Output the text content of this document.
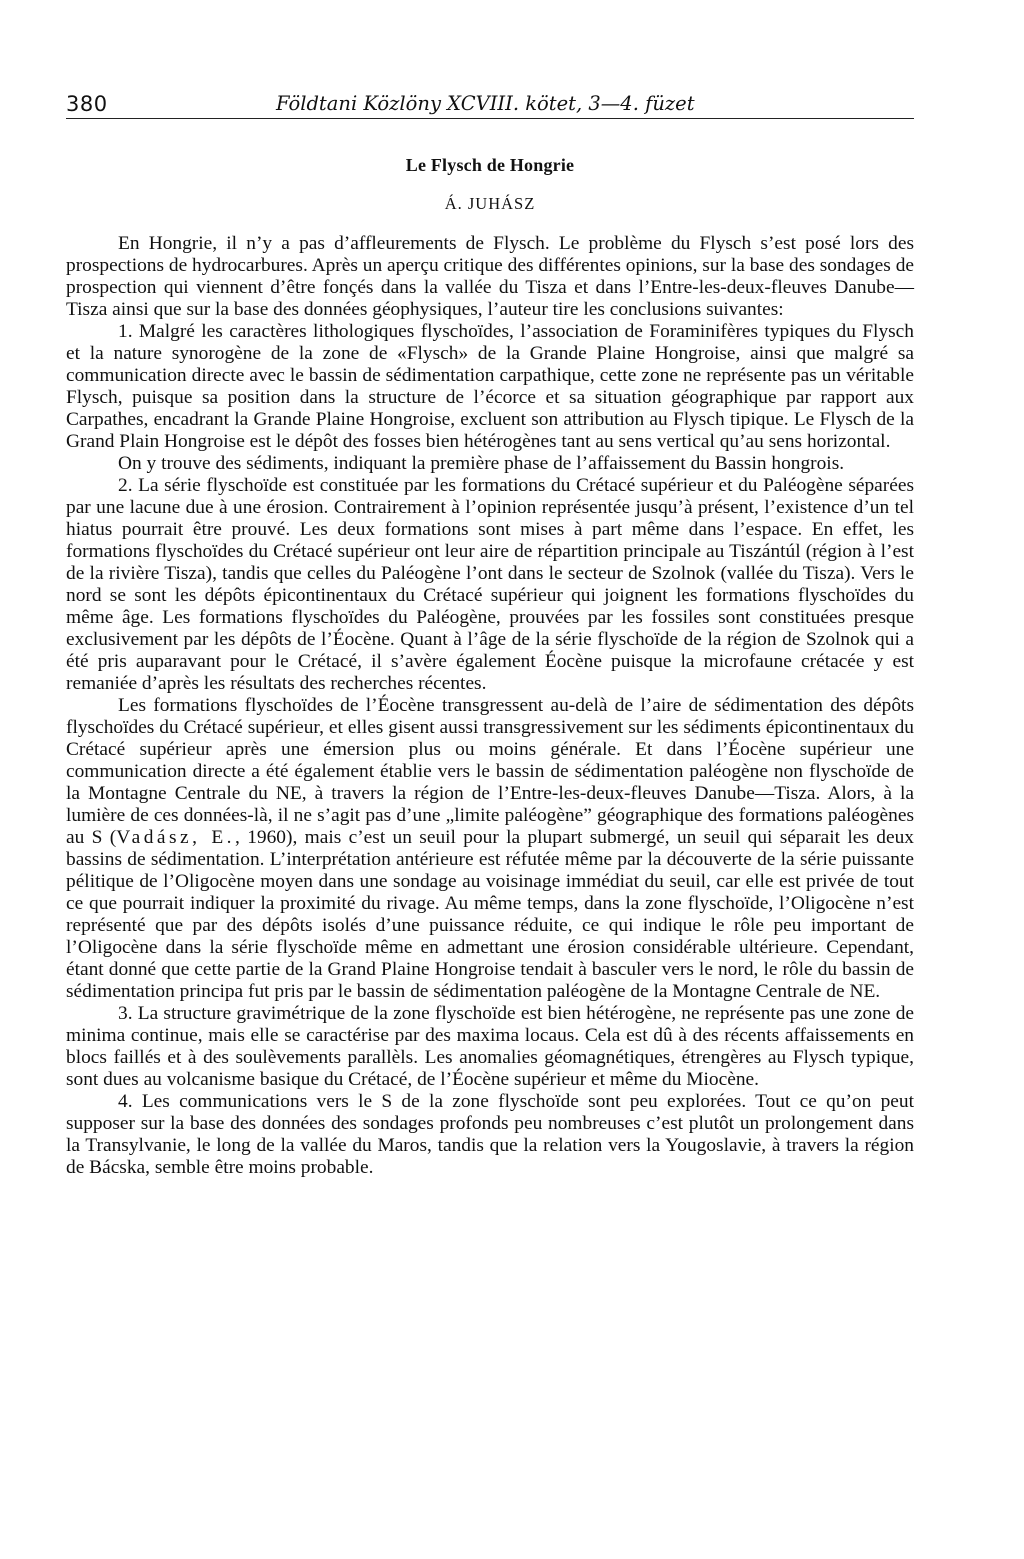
380	Földtani Közlöny XCVIII. kötet, 3—4. füzet
Le Flysch de Hongrie
Á. JUHÁSZ

En Hongrie, il n’y a pas d’affleurements de Flysch. Le problème du Flysch s’est posé lors des prospections de hydrocarbures. Après un aperçu critique des différentes opinions, sur la base des sondages de prospection qui viennent d’être fonçés dans la vallée du Tisza et dans l’Entre-les-deux-fleuves Danube—Tisza ainsi que sur la base des données géophysiques, l’auteur tire les conclusions suivantes:

1. Malgré les caractères lithologiques flyschoïdes, l’association de Foraminifères typiques du Flysch et la nature synorogène de la zone de «Flysch» de la Grande Plaine Hongroise, ainsi que malgré sa communication directe avec le bassin de sédimentation carpathique, cette zone ne représente pas un véritable Flysch, puisque sa position dans la structure de l’écorce et sa situation géographique par rapport aux Carpathes, encadrant la Grande Plaine Hongroise, excluent son attribution au Flysch tipique. Le Flysch de la Grand Plain Hongroise est le dépôt des fosses bien hétérogènes tant au sens vertical qu’au sens horizontal.

On y trouve des sédiments, indiquant la première phase de l’affaissement du Bassin hongrois.

2. La série flyschoïde est constituée par les formations du Crétacé supérieur et du Paléogène séparées par une lacune due à une érosion. Contrairement à l’opinion représentée jusqu’à présent, l’existence d’un tel hiatus pourrait être prouvé. Les deux formations sont mises à part même dans l’espace. En effet, les formations flyschoïdes du Crétacé supérieur ont leur aire de répartition principale au Tiszántúl (région à l’est de la rivière Tisza), tandis que celles du Paléogène l’ont dans le secteur de Szolnok (vallée du Tisza). Vers le nord se sont les dépôts épicontinentaux du Crétacé supérieur qui joignent les formations flyschoïdes du même âge. Les formations flyschoïdes du Paléogène, prouvées par les fossiles sont constituées presque exclusivement par les dépôts de l’Éocène. Quant à l’âge de la série flyschoïde de la région de Szolnok qui a été pris auparavant pour le Crétacé, il s’avère également Éocène puisque la microfaune crétacée y est remaniée d’après les résultats des recherches récentes.

Les formations flyschoïdes de l’Éocène transgressent au-delà de l’aire de sédimentation des dépôts flyschoïdes du Crétacé supérieur, et elles gisent aussi transgressivement sur les sédiments épicontinentaux du Crétacé supérieur après une émersion plus ou moins générale. Et dans l’Éocène supérieur une communication directe a été également établie vers le bassin de sédimentation paléogène non flyschoïde de la Montagne Centrale du NE, à travers la région de l’Entre-les-deux-fleuves Danube—Tisza. Alors, à la lumière de ces données-là, il ne s’agit pas d’une „limite paléogène” géographique des formations paléogènes au S (Vadász, E., 1960), mais c’est un seuil pour la plupart submergé, un seuil qui séparait les deux bassins de sédimentation. L’interprétation antérieure est réfutée même par la découverte de la série puissante pélitique de l’Oligocène moyen dans une sondage au voisinage immédiat du seuil, car elle est privée de tout ce que pourrait indiquer la proximité du rivage. Au même temps, dans la zone flyschoïde, l’Oligocène n’est représenté que par des dépôts isolés d’une puissance réduite, ce qui indique le rôle peu important de l’Oligocène dans la série flyschoïde même en admettant une érosion considérable ultérieure. Cependant, étant donné que cette partie de la Grand Plaine Hongroise tendait à basculer vers le nord, le rôle du bassin de sédimentation principa fut pris par le bassin de sédimentation paléogène de la Montagne Centrale de NE.

3. La structure gravimétrique de la zone flyschoïde est bien hétérogène, ne représente pas une zone de minima continue, mais elle se caractérise par des maxima locaus. Cela est dû à des récents affaissements en blocs faillés et à des soulèvements parallèls. Les anomalies géomagnétiques, étrengères au Flysch typique, sont dues au volcanisme basique du Crétacé, de l’Éocène supérieur et même du Miocène.

4. Les communications vers le S de la zone flyschoïde sont peu explorées. Tout ce qu’on peut supposer sur la base des données des sondages profonds peu nombreuses c’est plutôt un prolongement dans la Transylvanie, le long de la vallée du Maros, tandis que la relation vers la Yougoslavie, à travers la région de Bácska, semble être moins probable.
